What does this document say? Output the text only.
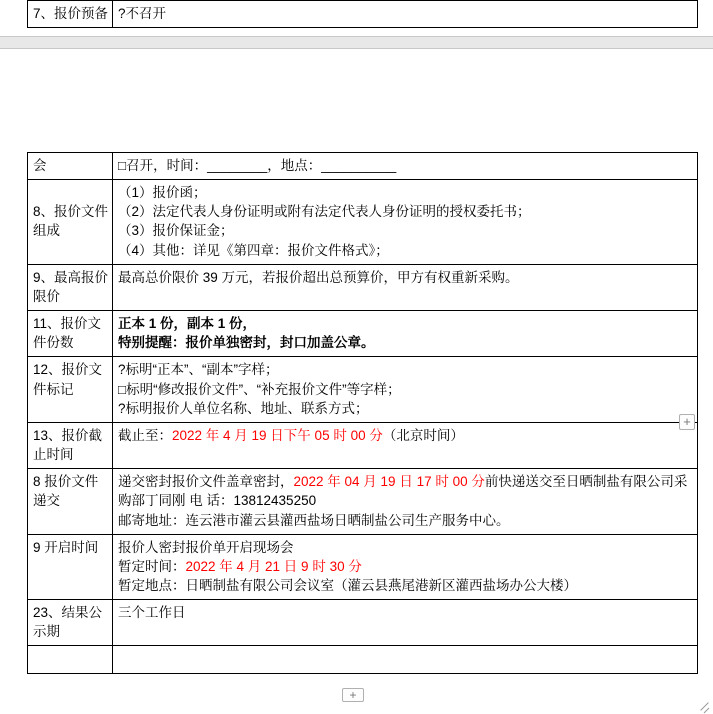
7、报价预备	?不召开
会	□召开，时间：________，地点：__________

8、报价文件组成	（1）报价函；
（2）法定代表人身份证明或附有法定代表人身份证明的授权委托书；
（3）报价保证金；
（4）其他：详见《第四章：报价文件格式》；

9、最高报价限价	最高总价限价 39 万元，若报价超出总预算价，甲方有权重新采购。

11、报价文件份数	正本 1 份，副本 1 份，
特别提醒：报价单独密封，封口加盖公章。

12、报价文件标记	?标明“正本”、“副本”字样；
□标明“修改报价文件”、“补充报价文件”等字样；
?标明报价人单位名称、地址、联系方式；

13、报价截止时间	截止至：2022 年 4 月 19 日下午 05 时 00 分（北京时间）

8 报价文件递交	递交密封报价文件盖章密封，2022 年 04 月 19 日 17 时 00 分前快递送交至日晒制盐有限公司采购部丁同刚 电 话：13812435250
邮寄地址：连云港市灌云县灌西盐场日晒制盐公司生产服务中心。

9 开启时间	报价人密封报价单开启现场会
暂定时间：2022 年 4 月 21 日 9 时 30 分
暂定地点：日晒制盐有限公司会议室（灌云县燕尾港新区灌西盐场办公大楼）

23、结果公示期	三个工作日

+
+
